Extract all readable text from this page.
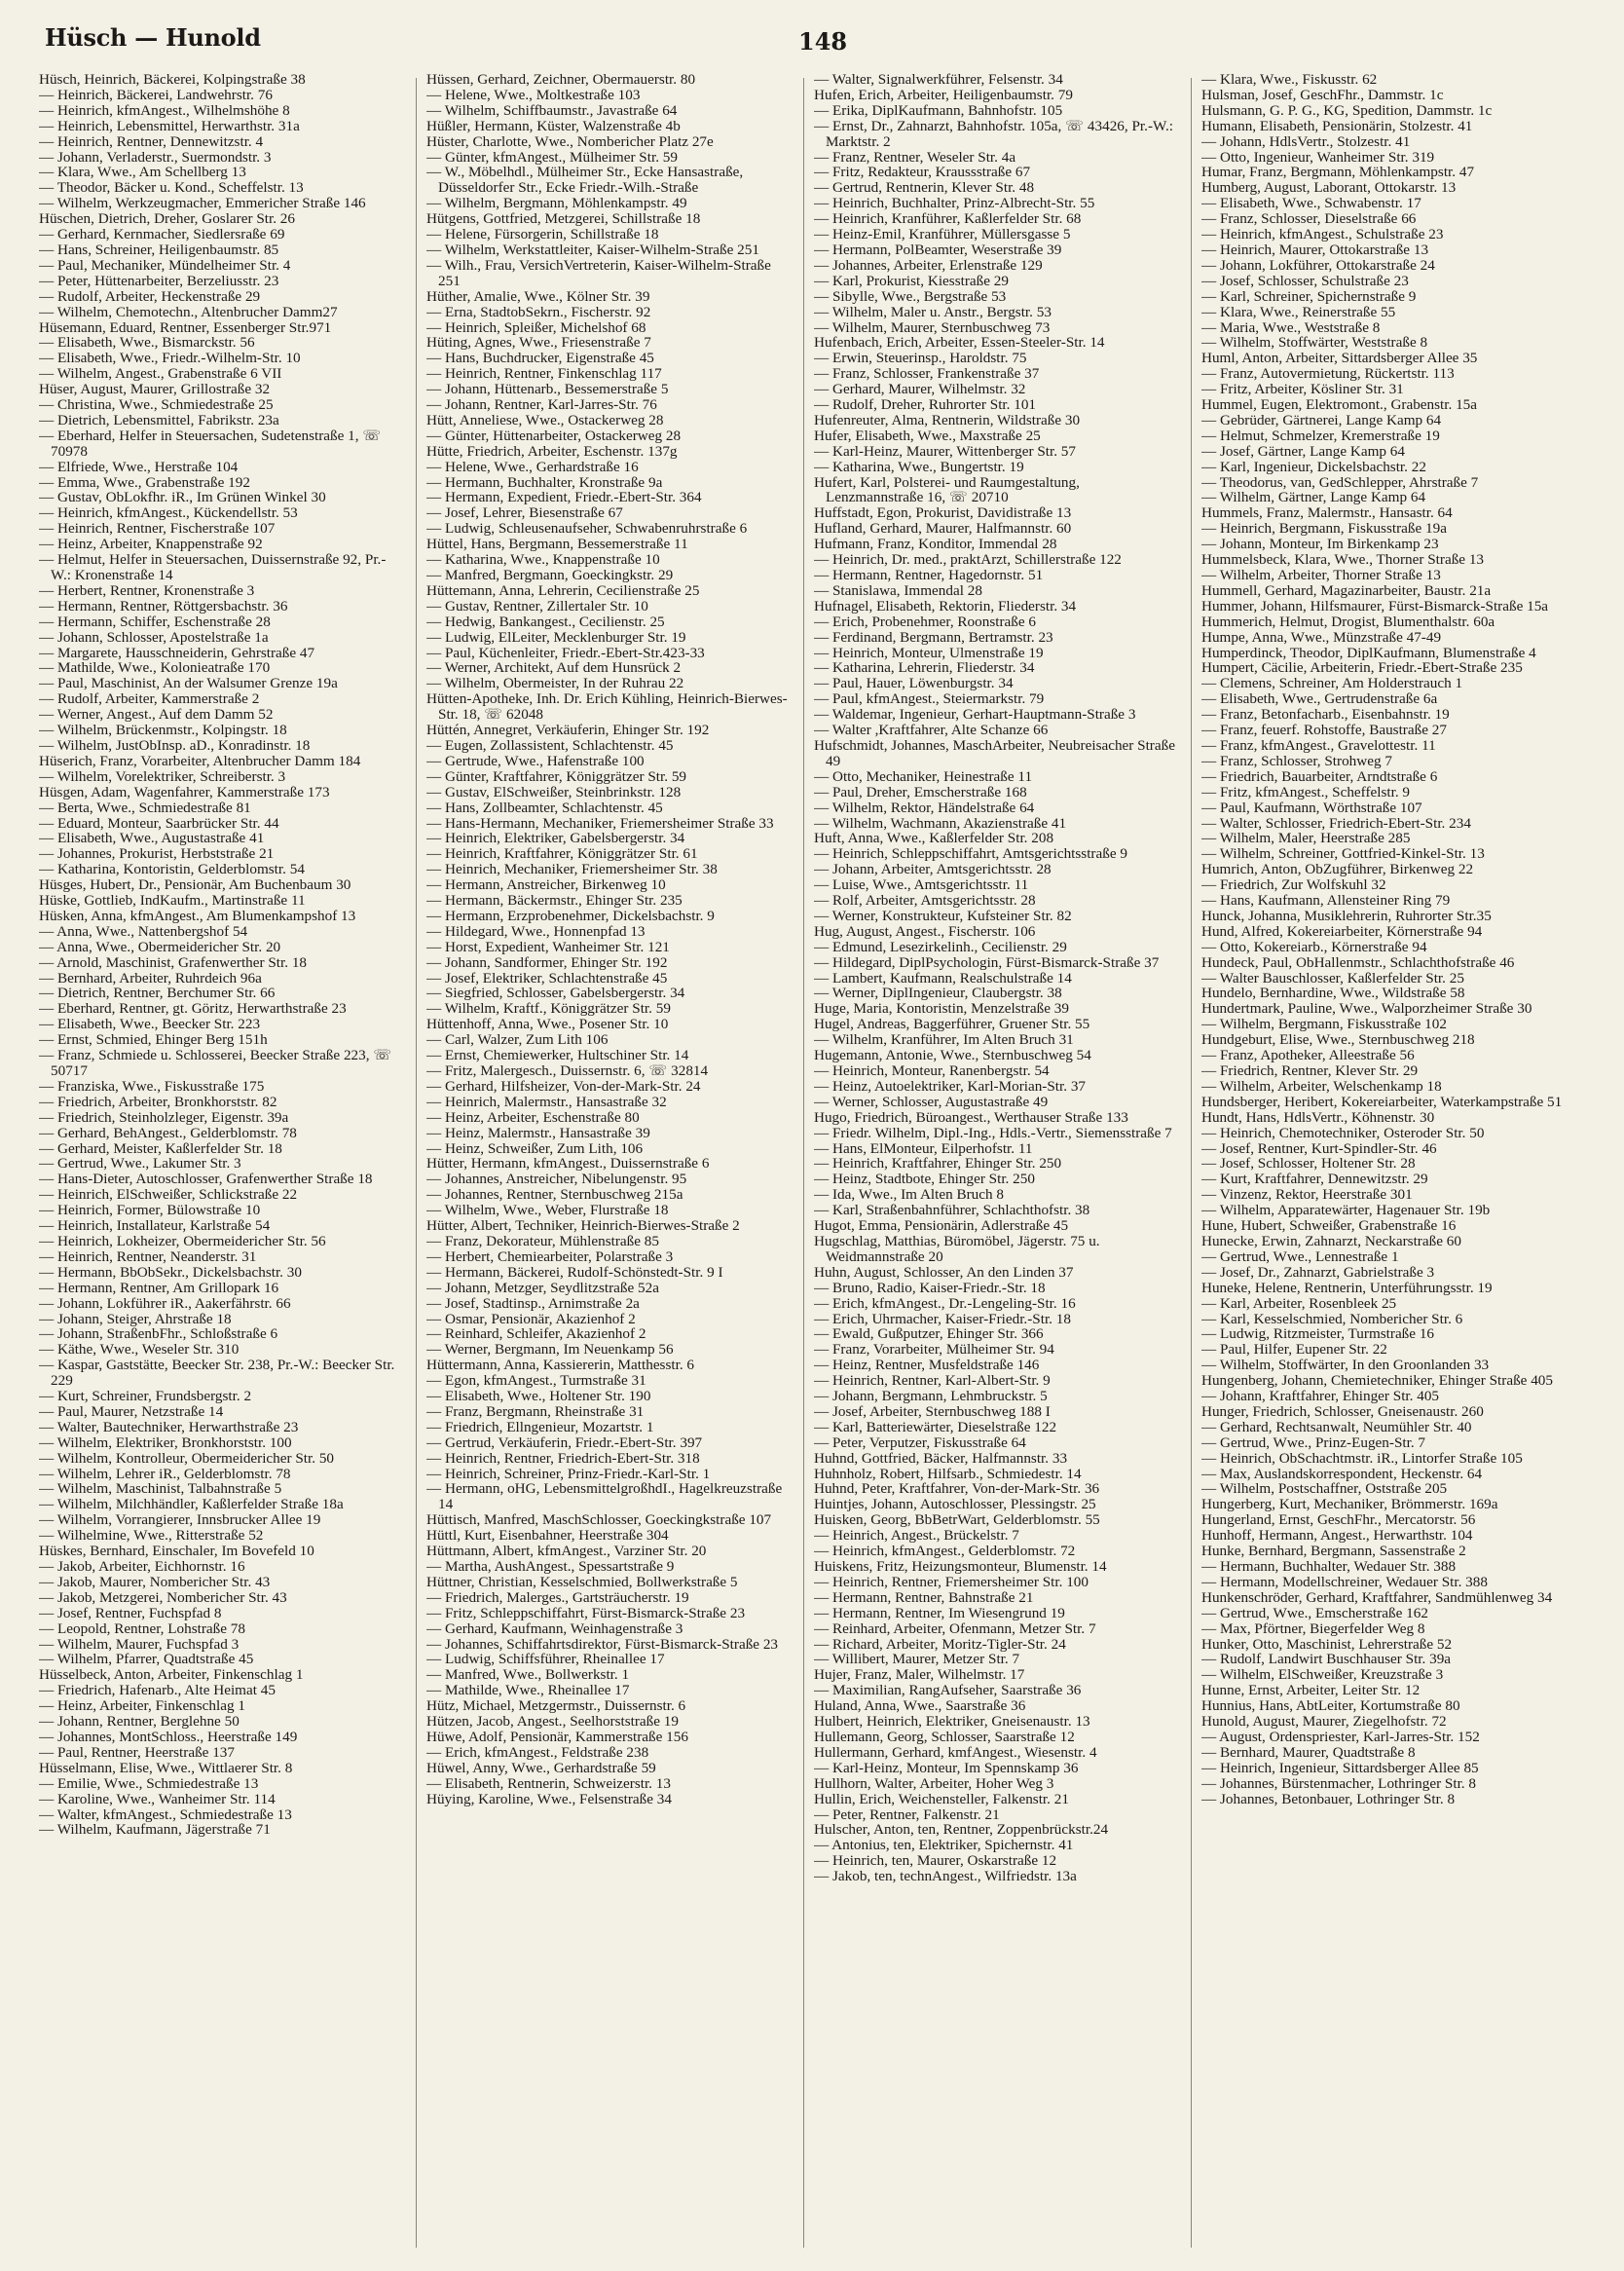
Hüsch — Hunold	148

Hüsch, Heinrich, Bäckerei, Kolpingstraße 38

— Heinrich, Bäckerei, Landwehrstr. 76

— Heinrich, kfmAngest., Wilhelmshöhe 8

— Heinrich, Lebensmittel, Herwarthstr. 31a

— Heinrich, Rentner, Dennewitzstr. 4

— Johann, Verladerstr., Suermondstr. 3

— Klara, Wwe., Am Schellberg 13

— Theodor, Bäcker u. Kond., Scheffelstr. 13

— Wilhelm, Werkzeugmacher, Emmericher Straße 146

Hüschen, Dietrich, Dreher, Goslarer Str. 26

— Gerhard, Kernmacher, Siedlersraße 69

— Hans, Schreiner, Heiligenbaumstr. 85

— Paul, Mechaniker, Mündelheimer Str. 4

— Peter, Hüttenarbeiter, Berzeliusstr. 23

— Rudolf, Arbeiter, Heckenstraße 29

— Wilhelm, Chemotechn., Altenbrucher Damm27

Hüsemann, Eduard, Rentner, Essenberger Str.971

— Elisabeth, Wwe., Bismarckstr. 56

— Elisabeth, Wwe., Friedr.-Wilhelm-Str. 10

— Wilhelm, Angest., Grabenstraße 6 VII

Hüser, August, Maurer, Grillostraße 32

— Christina, Wwe., Schmiedestraße 25

— Dietrich, Lebensmittel, Fabrikstr. 23a

— Eberhard, Helfer in Steuersachen, Sudetenstraße 1, ☏ 70978

— Elfriede, Wwe., Herstraße 104

— Emma, Wwe., Grabenstraße 192

— Gustav, ObLokfhr. iR., Im Grünen Winkel 30

— Heinrich, kfmAngest., Kückendellstr. 53

— Heinrich, Rentner, Fischerstraße 107

— Heinz, Arbeiter, Knappenstraße 92

— Helmut, Helfer in Steuersachen, Duissernstraße 92, Pr.-W.: Kronenstraße 14

— Herbert, Rentner, Kronenstraße 3

— Hermann, Rentner, Röttgersbachstr. 36

— Hermann, Schiffer, Eschenstraße 28

— Johann, Schlosser, Apostelstraße 1a

— Margarete, Hausschneiderin, Gehrstraße 47

— Mathilde, Wwe., Kolonieatraße 170

— Paul, Maschinist, An der Walsumer Grenze 19a

— Rudolf, Arbeiter, Kammerstraße 2

— Werner, Angest., Auf dem Damm 52

— Wilhelm, Brückenmstr., Kolpingstr. 18

— Wilhelm, JustObInsp. aD., Konradinstr. 18

Hüserich, Franz, Vorarbeiter, Altenbrucher Damm 184

— Wilhelm, Vorelektriker, Schreiberstr. 3

Hüsgen, Adam, Wagenfahrer, Kammerstraße 173

— Berta, Wwe., Schmiedestraße 81

— Eduard, Monteur, Saarbrücker Str. 44

— Elisabeth, Wwe., Augustastraße 41

— Johannes, Prokurist, Herbststraße 21

— Katharina, Kontoristin, Gelderblomstr. 54

Hüsges, Hubert, Dr., Pensionär, Am Buchenbaum 30

Hüske, Gottlieb, IndKaufm., Martinstraße 11

Hüsken, Anna, kfmAngest., Am Blumenkampshof 13

— Anna, Wwe., Nattenbergshof 54

— Anna, Wwe., Obermeidericher Str. 20

— Arnold, Maschinist, Grafenwerther Str. 18

— Bernhard, Arbeiter, Ruhrdeich 96a

— Dietrich, Rentner, Berchumer Str. 66

— Eberhard, Rentner, gt. Göritz, Herwarthstraße 23

— Elisabeth, Wwe., Beecker Str. 223

— Ernst, Schmied, Ehinger Berg 151h

— Franz, Schmiede u. Schlosserei, Beecker Straße 223, ☏ 50717

— Franziska, Wwe., Fiskusstraße 175

— Friedrich, Arbeiter, Bronkhorststr. 82

— Friedrich, Steinholzleger, Eigenstr. 39a

— Gerhard, BehAngest., Gelderblomstr. 78

— Gerhard, Meister, Kaßlerfelder Str. 18

— Gertrud, Wwe., Lakumer Str. 3

— Hans-Dieter, Autoschlosser, Grafenwerther Straße 18

— Heinrich, ElSchweißer, Schlickstraße 22

— Heinrich, Former, Bülowstraße 10

— Heinrich, Installateur, Karlstraße 54

— Heinrich, Lokheizer, Obermeidericher Str. 56

— Heinrich, Rentner, Neanderstr. 31

— Hermann, BbObSekr., Dickelsbachstr. 30

— Hermann, Rentner, Am Grillopark 16

— Johann, Lokführer iR., Aakerfährstr. 66

— Johann, Steiger, Ahrstraße 18

— Johann, StraßenbFhr., Schloßstraße 6

— Käthe, Wwe., Weseler Str. 310

— Kaspar, Gaststätte, Beecker Str. 238, Pr.-W.: Beecker Str. 229

— Kurt, Schreiner, Frundsbergstr. 2

— Paul, Maurer, Netzstraße 14

— Walter, Bautechniker, Herwarthstraße 23

— Wilhelm, Elektriker, Bronkhorststr. 100

— Wilhelm, Kontrolleur, Obermeidericher Str. 50

— Wilhelm, Lehrer iR., Gelderblomstr. 78

— Wilhelm, Maschinist, Talbahnstraße 5

— Wilhelm, Milchhändler, Kaßlerfelder Straße 18a

— Wilhelm, Vorrangierer, Innsbrucker Allee 19

— Wilhelmine, Wwe., Ritterstraße 52

Hüskes, Bernhard, Einschaler, Im Bovefeld 10

— Jakob, Arbeiter, Eichhornstr. 16

— Jakob, Maurer, Nombericher Str. 43

— Jakob, Metzgerei, Nombericher Str. 43

— Josef, Rentner, Fuchspfad 8

— Leopold, Rentner, Lohstraße 78

— Wilhelm, Maurer, Fuchspfad 3

— Wilhelm, Pfarrer, Quadtstraße 45

Hüsselbeck, Anton, Arbeiter, Finkenschlag 1

— Friedrich, Hafenarb., Alte Heimat 45

— Heinz, Arbeiter, Finkenschlag 1

— Johann, Rentner, Berglehne 50

— Johannes, MontSchloss., Heerstraße 149

— Paul, Rentner, Heerstraße 137

Hüsselmann, Elise, Wwe., Wittlaerer Str. 8

— Emilie, Wwe., Schmiedestraße 13

— Karoline, Wwe., Wanheimer Str. 114

— Walter, kfmAngest., Schmiedestraße 13

— Wilhelm, Kaufmann, Jägerstraße 71

Hüssen, Gerhard, Zeichner, Obermauerstr. 80

— Helene, Wwe., Moltkestraße 103

— Wilhelm, Schiffbaumstr., Javastraße 64

Hüßler, Hermann, Küster, Walzenstraße 4b

Hüster, Charlotte, Wwe., Nombericher Platz 27e

— Günter, kfmAngest., Mülheimer Str. 59

— W., Möbelhdl., Mülheimer Str., Ecke Hansastraße, Düsseldorfer Str., Ecke Friedr.-Wilh.-Straße

— Wilhelm, Bergmann, Möhlenkampstr. 49

Hütgens, Gottfried, Metzgerei, Schillstraße 18

— Helene, Fürsorgerin, Schillstraße 18

— Wilhelm, Werkstattleiter, Kaiser-Wilhelm-Straße 251

— Wilh., Frau, VersichVertreterin, Kaiser-Wilhelm-Straße 251

Hüther, Amalie, Wwe., Kölner Str. 39

— Erna, StadtobSekrn., Fischerstr. 92

— Heinrich, Spleißer, Michelshof 68

Hüting, Agnes, Wwe., Friesenstraße 7

— Hans, Buchdrucker, Eigenstraße 45

— Heinrich, Rentner, Finkenschlag 117

— Johann, Hüttenarb., Bessemerstraße 5

— Johann, Rentner, Karl-Jarres-Str. 76

Hütt, Anneliese, Wwe., Ostackerweg 28

— Günter, Hüttenarbeiter, Ostackerweg 28

Hütte, Friedrich, Arbeiter, Eschenstr. 137g

— Helene, Wwe., Gerhardstraße 16

— Hermann, Buchhalter, Kronstraße 9a

— Hermann, Expedient, Friedr.-Ebert-Str. 364

— Josef, Lehrer, Biesenstraße 67

— Ludwig, Schleusenaufseher, Schwabenruhrstraße 6

Hüttel, Hans, Bergmann, Bessemerstraße 11

— Katharina, Wwe., Knappenstraße 10

— Manfred, Bergmann, Goeckingkstr. 29

Hüttemann, Anna, Lehrerin, Cecilienstraße 25

— Gustav, Rentner, Zillertaler Str. 10

— Hedwig, Bankangest., Cecilienstr. 25

— Ludwig, ElLeiter, Mecklenburger Str. 19

— Paul, Küchenleiter, Friedr.-Ebert-Str.423-33

— Werner, Architekt, Auf dem Hunsrück 2

— Wilhelm, Obermeister, In der Ruhrau 22

Hütten-Apotheke, Inh. Dr. Erich Kühling, Heinrich-Bierwes-Str. 18, ☏ 62048

Hüttén, Annegret, Verkäuferin, Ehinger Str. 192

— Eugen, Zollassistent, Schlachtenstr. 45

— Gertrude, Wwe., Hafenstraße 100

— Günter, Kraftfahrer, Königgrätzer Str. 59

— Gustav, ElSchweißer, Steinbrinkstr. 128

— Hans, Zollbeamter, Schlachtenstr. 45

— Hans-Hermann, Mechaniker, Friemersheimer Straße 33

— Heinrich, Elektriker, Gabelsbergerstr. 34

— Heinrich, Kraftfahrer, Königgrätzer Str. 61

— Heinrich, Mechaniker, Friemersheimer Str. 38

— Hermann, Anstreicher, Birkenweg 10

— Hermann, Bäckermstr., Ehinger Str. 235

— Hermann, Erzprobenehmer, Dickelsbachstr. 9

— Hildegard, Wwe., Honnenpfad 13

— Horst, Expedient, Wanheimer Str. 121

— Johann, Sandformer, Ehinger Str. 192

— Josef, Elektriker, Schlachtenstraße 45

— Siegfried, Schlosser, Gabelsbergerstr. 34

— Wilhelm, Kraftf., Königgrätzer Str. 59

Hüttenhoff, Anna, Wwe., Posener Str. 10

— Carl, Walzer, Zum Lith 106

— Ernst, Chemiewerker, Hultschiner Str. 14

— Fritz, Malergesch., Duissernstr. 6, ☏ 32814

— Gerhard, Hilfsheizer, Von-der-Mark-Str. 24

— Heinrich, Malermstr., Hansastraße 32

— Heinz, Arbeiter, Eschenstraße 80

— Heinz, Malermstr., Hansastraße 39

— Heinz, Schweißer, Zum Lith, 106

Hütter, Hermann, kfmAngest., Duissernstraße 6

— Johannes, Anstreicher, Nibelungenstr. 95

— Johannes, Rentner, Sternbuschweg 215a

— Wilhelm, Wwe., Weber, Flurstraße 18

Hütter, Albert, Techniker, Heinrich-Bierwes-Straße 2

— Franz, Dekorateur, Mühlenstraße 85

— Herbert, Chemiearbeiter, Polarstraße 3

— Hermann, Bäckerei, Rudolf-Schönstedt-Str. 9 I

— Johann, Metzger, Seydlitzstraße 52a

— Josef, Stadtinsp., Arnimstraße 2a

— Osmar, Pensionär, Akazienhof 2

— Reinhard, Schleifer, Akazienhof 2

— Werner, Bergmann, Im Neuenkamp 56

Hüttermann, Anna, Kassiererin, Matthesstr. 6

— Egon, kfmAngest., Turmstraße 31

— Elisabeth, Wwe., Holtener Str. 190

— Franz, Bergmann, Rheinstraße 31

— Friedrich, Ellngenieur, Mozartstr. 1

— Gertrud, Verkäuferin, Friedr.-Ebert-Str. 397

— Heinrich, Rentner, Friedrich-Ebert-Str. 318

— Heinrich, Schreiner, Prinz-Friedr.-Karl-Str. 1

— Hermann, oHG, LebensmittelgroßhdI., Hagelkreuzstraße 14

Hüttisch, Manfred, MaschSchlosser, Goeckingkstraße 107

Hüttl, Kurt, Eisenbahner, Heerstraße 304

Hüttmann, Albert, kfmAngest., Varziner Str. 20

— Martha, AushAngest., Spessartstraße 9

Hüttner, Christian, Kesselschmied, Bollwerkstraße 5

— Friedrich, Malerges., Gartsträucherstr. 19

— Fritz, Schleppschiffahrt, Fürst-Bismarck-Straße 23

— Gerhard, Kaufmann, Weinhagenstraße 3

— Johannes, Schiffahrtsdirektor, Fürst-Bismarck-Straße 23

— Ludwig, Schiffsführer, Rheinallee 17

— Manfred, Wwe., Bollwerkstr. 1

— Mathilde, Wwe., Rheinallee 17

Hütz, Michael, Metzgermstr., Duissernstr. 6

Hützen, Jacob, Angest., Seelhorststraße 19

Hüwe, Adolf, Pensionär, Kammerstraße 156

— Erich, kfmAngest., Feldstraße 238

Hüwel, Anny, Wwe., Gerhardstraße 59

— Elisabeth, Rentnerin, Schweizerstr. 13

Hüying, Karoline, Wwe., Felsenstraße 34

— Walter, Signalwerkführer, Felsenstr. 34

Hufen, Erich, Arbeiter, Heiligenbaumstr. 79

— Erika, DiplKaufmann, Bahnhofstr. 105

— Ernst, Dr., Zahnarzt, Bahnhofstr. 105a, ☏ 43426, Pr.-W.: Marktstr. 2

— Franz, Rentner, Weseler Str. 4a

— Fritz, Redakteur, Kraussstraße 67

— Gertrud, Rentnerin, Klever Str. 48

— Heinrich, Buchhalter, Prinz-Albrecht-Str. 55

— Heinrich, Kranführer, Kaßlerfelder Str. 68

— Heinz-Emil, Kranführer, Müllersgasse 5

— Hermann, PolBeamter, Weserstraße 39

— Johannes, Arbeiter, Erlenstraße 129

— Karl, Prokurist, Kiesstraße 29

— Sibylle, Wwe., Bergstraße 53

— Wilhelm, Maler u. Anstr., Bergstr. 53

— Wilhelm, Maurer, Sternbuschweg 73

Hufenbach, Erich, Arbeiter, Essen-Steeler-Str. 14

— Erwin, Steuerinsp., Haroldstr. 75

— Franz, Schlosser, Frankenstraße 37

— Gerhard, Maurer, Wilhelmstr. 32

— Rudolf, Dreher, Ruhrorter Str. 101

Hufenreuter, Alma, Rentnerin, Wildstraße 30

Hufer, Elisabeth, Wwe., Maxstraße 25

— Karl-Heinz, Maurer, Wittenberger Str. 57

— Katharina, Wwe., Bungertstr. 19

Hufert, Karl, Polsterei- und Raumgestaltung, Lenzmannstraße 16, ☏ 20710

Huffstadt, Egon, Prokurist, Davidistraße 13

Hufland, Gerhard, Maurer, Halfmannstr. 60

Hufmann, Franz, Konditor, Immendal 28

— Heinrich, Dr. med., praktArzt, Schillerstraße 122

— Hermann, Rentner, Hagedornstr. 51

— Stanislawa, Immendal 28

Hufnagel, Elisabeth, Rektorin, Fliederstr. 34

— Erich, Probenehmer, Roonstraße 6

— Ferdinand, Bergmann, Bertramstr. 23

— Heinrich, Monteur, Ulmenstraße 19

— Katharina, Lehrerin, Fliederstr. 34

— Paul, Hauer, Löwenburgstr. 34

— Paul, kfmAngest., Steiermarkstr. 79

— Waldemar, Ingenieur, Gerhart-Hauptmann-Straße 3

— Walter ,Kraftfahrer, Alte Schanze 66

Hufschmidt, Johannes, MaschArbeiter, Neubreisacher Straße 49

— Otto, Mechaniker, Heinestraße 11

— Paul, Dreher, Emscherstraße 168

— Wilhelm, Rektor, Händelstraße 64

— Wilhelm, Wachmann, Akazienstraße 41

Huft, Anna, Wwe., Kaßlerfelder Str. 208

— Heinrich, Schleppschiffahrt, Amtsgerichtsstraße 9

— Johann, Arbeiter, Amtsgerichtsstr. 28

— Luise, Wwe., Amtsgerichtsstr. 11

— Rolf, Arbeiter, Amtsgerichtsstr. 28

— Werner, Konstrukteur, Kufsteiner Str. 82

Hug, August, Angest., Fischerstr. 106

— Edmund, Lesezirkelinh., Cecilienstr. 29

— Hildegard, DiplPsychologin, Fürst-Bismarck-Straße 37

— Lambert, Kaufmann, Realschulstraße 14

— Werner, DiplIngenieur, Claubergstr. 38

Huge, Maria, Kontoristin, Menzelstraße 39

Hugel, Andreas, Baggerführer, Gruener Str. 55

— Wilhelm, Kranführer, Im Alten Bruch 31

Hugemann, Antonie, Wwe., Sternbuschweg 54

— Heinrich, Monteur, Ranenbergstr. 54

— Heinz, Autoelektriker, Karl-Morian-Str. 37

— Werner, Schlosser, Augustastraße 49

Hugo, Friedrich, Büroangest., Werthauser Straße 133

— Friedr. Wilhelm, Dipl.-Ing., Hdls.-Vertr., Siemensstraße 7

— Hans, ElMonteur, Eilperhofstr. 11

— Heinrich, Kraftfahrer, Ehinger Str. 250

— Heinz, Stadtbote, Ehinger Str. 250

— Ida, Wwe., Im Alten Bruch 8

— Karl, Straßenbahnführer, Schlachthofstr. 38

Hugot, Emma, Pensionärin, Adlerstraße 45

Hugschlag, Matthias, Büromöbel, Jägerstr. 75 u. Weidmannstraße 20

Huhn, August, Schlosser, An den Linden 37

— Bruno, Radio, Kaiser-Friedr.-Str. 18

— Erich, kfmAngest., Dr.-Lengeling-Str. 16

— Erich, Uhrmacher, Kaiser-Friedr.-Str. 18

— Ewald, Gußputzer, Ehinger Str. 366

— Franz, Vorarbeiter, Mülheimer Str. 94

— Heinz, Rentner, Musfeldstraße 146

— Heinrich, Rentner, Karl-Albert-Str. 9

— Johann, Bergmann, Lehmbruckstr. 5

— Josef, Arbeiter, Sternbuschweg 188 I

— Karl, Batteriewärter, Dieselstraße 122

— Peter, Verputzer, Fiskusstraße 64

Huhnd, Gottfried, Bäcker, Halfmannstr. 33

Huhnholz, Robert, Hilfsarb., Schmiedestr. 14

Huhnd, Peter, Kraftfahrer, Von-der-Mark-Str. 36

Huintjes, Johann, Autoschlosser, Plessingstr. 25

Huisken, Georg, BbBetrWart, Gelderblomstr. 55

— Heinrich, Angest., Brückelstr. 7

— Heinrich, kfmAngest., Gelderblomstr. 72

Huiskens, Fritz, Heizungsmonteur, Blumenstr. 14

— Heinrich, Rentner, Friemersheimer Str. 100

— Hermann, Rentner, Bahnstraße 21

— Hermann, Rentner, Im Wiesengrund 19

— Reinhard, Arbeiter, Ofenmann, Metzer Str. 7

— Richard, Arbeiter, Moritz-Tigler-Str. 24

— Willibert, Maurer, Metzer Str. 7

Hujer, Franz, Maler, Wilhelmstr. 17

— Maximilian, RangAufseher, Saarstraße 36

Huland, Anna, Wwe., Saarstraße 36

Hulbert, Heinrich, Elektriker, Gneisenaustr. 13

Hullemann, Georg, Schlosser, Saarstraße 12

Hullermann, Gerhard, kmfAngest., Wiesenstr. 4

— Karl-Heinz, Monteur, Im Spennskamp 36

Hullhorn, Walter, Arbeiter, Hoher Weg 3

Hullin, Erich, Weichensteller, Falkenstr. 21

— Peter, Rentner, Falkenstr. 21

Hulscher, Anton, ten, Rentner, Zoppenbrückstr.24

— Antonius, ten, Elektriker, Spichernstr. 41

— Heinrich, ten, Maurer, Oskarstraße 12

— Jakob, ten, technAngest., Wilfriedstr. 13a

— Klara, Wwe., Fiskusstr. 62

Hulsman, Josef, GeschFhr., Dammstr. 1c

Hulsmann, G. P. G., KG, Spedition, Dammstr. 1c

Humann, Elisabeth, Pensionärin, Stolzestr. 41

— Johann, HdlsVertr., Stolzestr. 41

— Otto, Ingenieur, Wanheimer Str. 319

Humar, Franz, Bergmann, Möhlenkampstr. 47

Humberg, August, Laborant, Ottokarstr. 13

— Elisabeth, Wwe., Schwabenstr. 17

— Franz, Schlosser, Dieselstraße 66

— Heinrich, kfmAngest., Schulstraße 23

— Heinrich, Maurer, Ottokarstraße 13

— Johann, Lokführer, Ottokarstraße 24

— Josef, Schlosser, Schulstraße 23

— Karl, Schreiner, Spichernstraße 9

— Klara, Wwe., Reinerstraße 55

— Maria, Wwe., Weststraße 8

— Wilhelm, Stoffwärter, Weststraße 8

Huml, Anton, Arbeiter, Sittardsberger Allee 35

— Franz, Autovermietung, Rückertstr. 113

— Fritz, Arbeiter, Kösliner Str. 31

Hummel, Eugen, Elektromont., Grabenstr. 15a

— Gebrüder, Gärtnerei, Lange Kamp 64

— Helmut, Schmelzer, Kremerstraße 19

— Josef, Gärtner, Lange Kamp 64

— Karl, Ingenieur, Dickelsbachstr. 22

— Theodorus, van, GedSchlepper, Ahrstraße 7

— Wilhelm, Gärtner, Lange Kamp 64

Hummels, Franz, Malermstr., Hansastr. 64

— Heinrich, Bergmann, Fiskusstraße 19a

— Johann, Monteur, Im Birkenkamp 23

Hummelsbeck, Klara, Wwe., Thorner Straße 13

— Wilhelm, Arbeiter, Thorner Straße 13

Hummell, Gerhard, Magazinarbeiter, Baustr. 21a

Hummer, Johann, Hilfsmaurer, Fürst-Bismarck-Straße 15a

Hummerich, Helmut, Drogist, Blumenthalstr. 60a

Humpe, Anna, Wwe., Münzstraße 47-49

Humperdinck, Theodor, DiplKaufmann, Blumenstraße 4

Humpert, Cäcilie, Arbeiterin, Friedr.-Ebert-Straße 235

— Clemens, Schreiner, Am Holderstrauch 1

— Elisabeth, Wwe., Gertrudenstraße 6a

— Franz, Betonfacharb., Eisenbahnstr. 19

— Franz, feuerf. Rohstoffe, Baustraße 27

— Franz, kfmAngest., Gravelottestr. 11

— Franz, Schlosser, Strohweg 7

— Friedrich, Bauarbeiter, Arndtstraße 6

— Fritz, kfmAngest., Scheffelstr. 9

— Paul, Kaufmann, Wörthstraße 107

— Walter, Schlosser, Friedrich-Ebert-Str. 234

— Wilhelm, Maler, Heerstraße 285

— Wilhelm, Schreiner, Gottfried-Kinkel-Str. 13

Humrich, Anton, ObZugführer, Birkenweg 22

— Friedrich, Zur Wolfskuhl 32

— Hans, Kaufmann, Allensteiner Ring 79

Hunck, Johanna, Musiklehrerin, Ruhrorter Str.35

Hund, Alfred, Kokereiarbeiter, Körnerstraße 94

— Otto, Kokereiarb., Körnerstraße 94

Hundeck, Paul, ObHallenmstr., Schlachthofstraße 46

— Walter Bauschlosser, Kaßlerfelder Str. 25

Hundelo, Bernhardine, Wwe., Wildstraße 58

Hundertmark, Pauline, Wwe., Walporzheimer Straße 30

— Wilhelm, Bergmann, Fiskusstraße 102

Hundgeburt, Elise, Wwe., Sternbuschweg 218

— Franz, Apotheker, Alleestraße 56

— Friedrich, Rentner, Klever Str. 29

— Wilhelm, Arbeiter, Welschenkamp 18

Hundsberger, Heribert, Kokereiarbeiter, Waterkampstraße 51

Hundt, Hans, HdlsVertr., Köhnenstr. 30

— Heinrich, Chemotechniker, Osteroder Str. 50

— Josef, Rentner, Kurt-Spindler-Str. 46

— Josef, Schlosser, Holtener Str. 28

— Kurt, Kraftfahrer, Dennewitzstr. 29

— Vinzenz, Rektor, Heerstraße 301

— Wilhelm, Apparatewärter, Hagenauer Str. 19b

Hune, Hubert, Schweißer, Grabenstraße 16

Hunecke, Erwin, Zahnarzt, Neckarstraße 60

— Gertrud, Wwe., Lennestraße 1

— Josef, Dr., Zahnarzt, Gabrielstraße 3

Huneke, Helene, Rentnerin, Unterführungsstr. 19

— Karl, Arbeiter, Rosenbleek 25

— Karl, Kesselschmied, Nombericher Str. 6

— Ludwig, Ritzmeister, Turmstraße 16

— Paul, Hilfer, Eupener Str. 22

— Wilhelm, Stoffwärter, In den Groonlanden 33

Hungenberg, Johann, Chemietechniker, Ehinger Straße 405

— Johann, Kraftfahrer, Ehinger Str. 405

Hunger, Friedrich, Schlosser, Gneisenaustr. 260

— Gerhard, Rechtsanwalt, Neumühler Str. 40

— Gertrud, Wwe., Prinz-Eugen-Str. 7

— Heinrich, ObSchachtmstr. iR., Lintorfer Straße 105

— Max, Auslandskorrespondent, Heckenstr. 64

— Wilhelm, Postschaffner, Oststraße 205

Hungerberg, Kurt, Mechaniker, Brömmerstr. 169a

Hungerland, Ernst, GeschFhr., Mercatorstr. 56

Hunhoff, Hermann, Angest., Herwarthstr. 104

Hunke, Bernhard, Bergmann, Sassenstraße 2

— Hermann, Buchhalter, Wedauer Str. 388

— Hermann, Modellschreiner, Wedauer Str. 388

Hunkenschröder, Gerhard, Kraftfahrer, Sandmühlenweg 34

— Gertrud, Wwe., Emscherstraße 162

— Max, Pförtner, Biegerfelder Weg 8

Hunker, Otto, Maschinist, Lehrerstraße 52

— Rudolf, Landwirt Buschhauser Str. 39a

— Wilhelm, ElSchweißer, Kreuzstraße 3

Hunne, Ernst, Arbeiter, Leiter Str. 12

Hunnius, Hans, AbtLeiter, Kortumstraße 80

Hunold, August, Maurer, Ziegelhofstr. 72

— August, Ordenspriester, Karl-Jarres-Str. 152

— Bernhard, Maurer, Quadtstraße 8

— Heinrich, Ingenieur, Sittardsberger Allee 85

— Johannes, Bürstenmacher, Lothringer Str. 8

— Johannes, Betonbauer, Lothringer Str. 8
